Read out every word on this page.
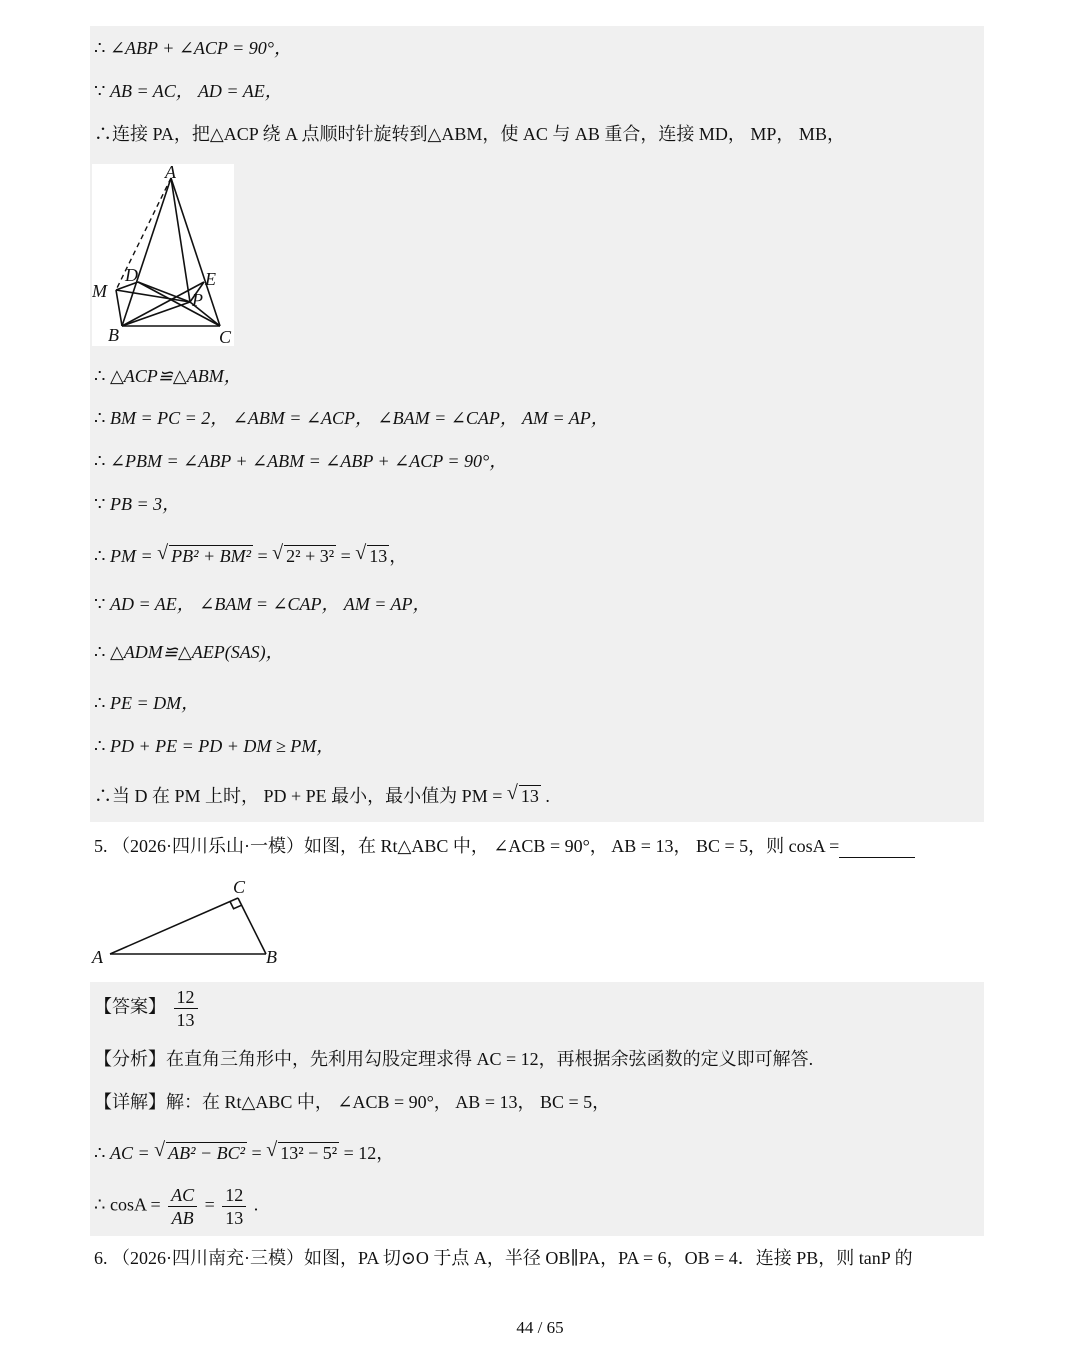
∴ ∠ABP + ∠ACP = 90°，
∵ AB = AC， AD = AE，
∴连接 PA，把△ACP 绕 A 点顺时针旋转到△ABM，使 AC 与 AB 重合，连接 MD， MP， MB，
A
M
D	E
P
B	C
∴ △ACP≌△ABM，
∴ BM = PC = 2， ∠ABM = ∠ACP， ∠BAM = ∠CAP， AM = AP，
∴ ∠PBM = ∠ABP + ∠ABM = ∠ABP + ∠ACP = 90°，
∵ PB = 3，
∴ PM = √ PB² + BM² = √ 2² + 3² = √ 13 ，
∵ AD = AE， ∠BAM = ∠CAP， AM = AP，
∴ △ADM≌△AEP(SAS)，
∴ PE = DM，
∴ PD + PE = PD + DM ≥ PM，
∴当 D 在 PM 上时， PD + PE 最小，最小值为 PM = √ 13 .
5. （2026·四川乐山·一模）如图，在 Rt△ABC 中， ∠ACB = 90°， AB = 13， BC = 5，则 cosA =
A	B
C
【答案】 $\frac{12}{13}$
【分析】在直角三角形中，先利用勾股定理求得 AC = 12，再根据余弦函数的定义即可解答.
【详解】解：在 Rt△ABC 中， ∠ACB = 90°， AB = 13， BC = 5，
∴ AC = √ AB² − BC² = √ 13² − 5² = 12，
∴ $\cos A = \frac{AC}{AB} = \frac{12}{13}$ .
6. （2026·四川南充·三模）如图，PA 切⊙O 于点 A，半径 OB∥PA，PA = 6，OB = 4．连接 PB，则 tanP 的
44 / 65
